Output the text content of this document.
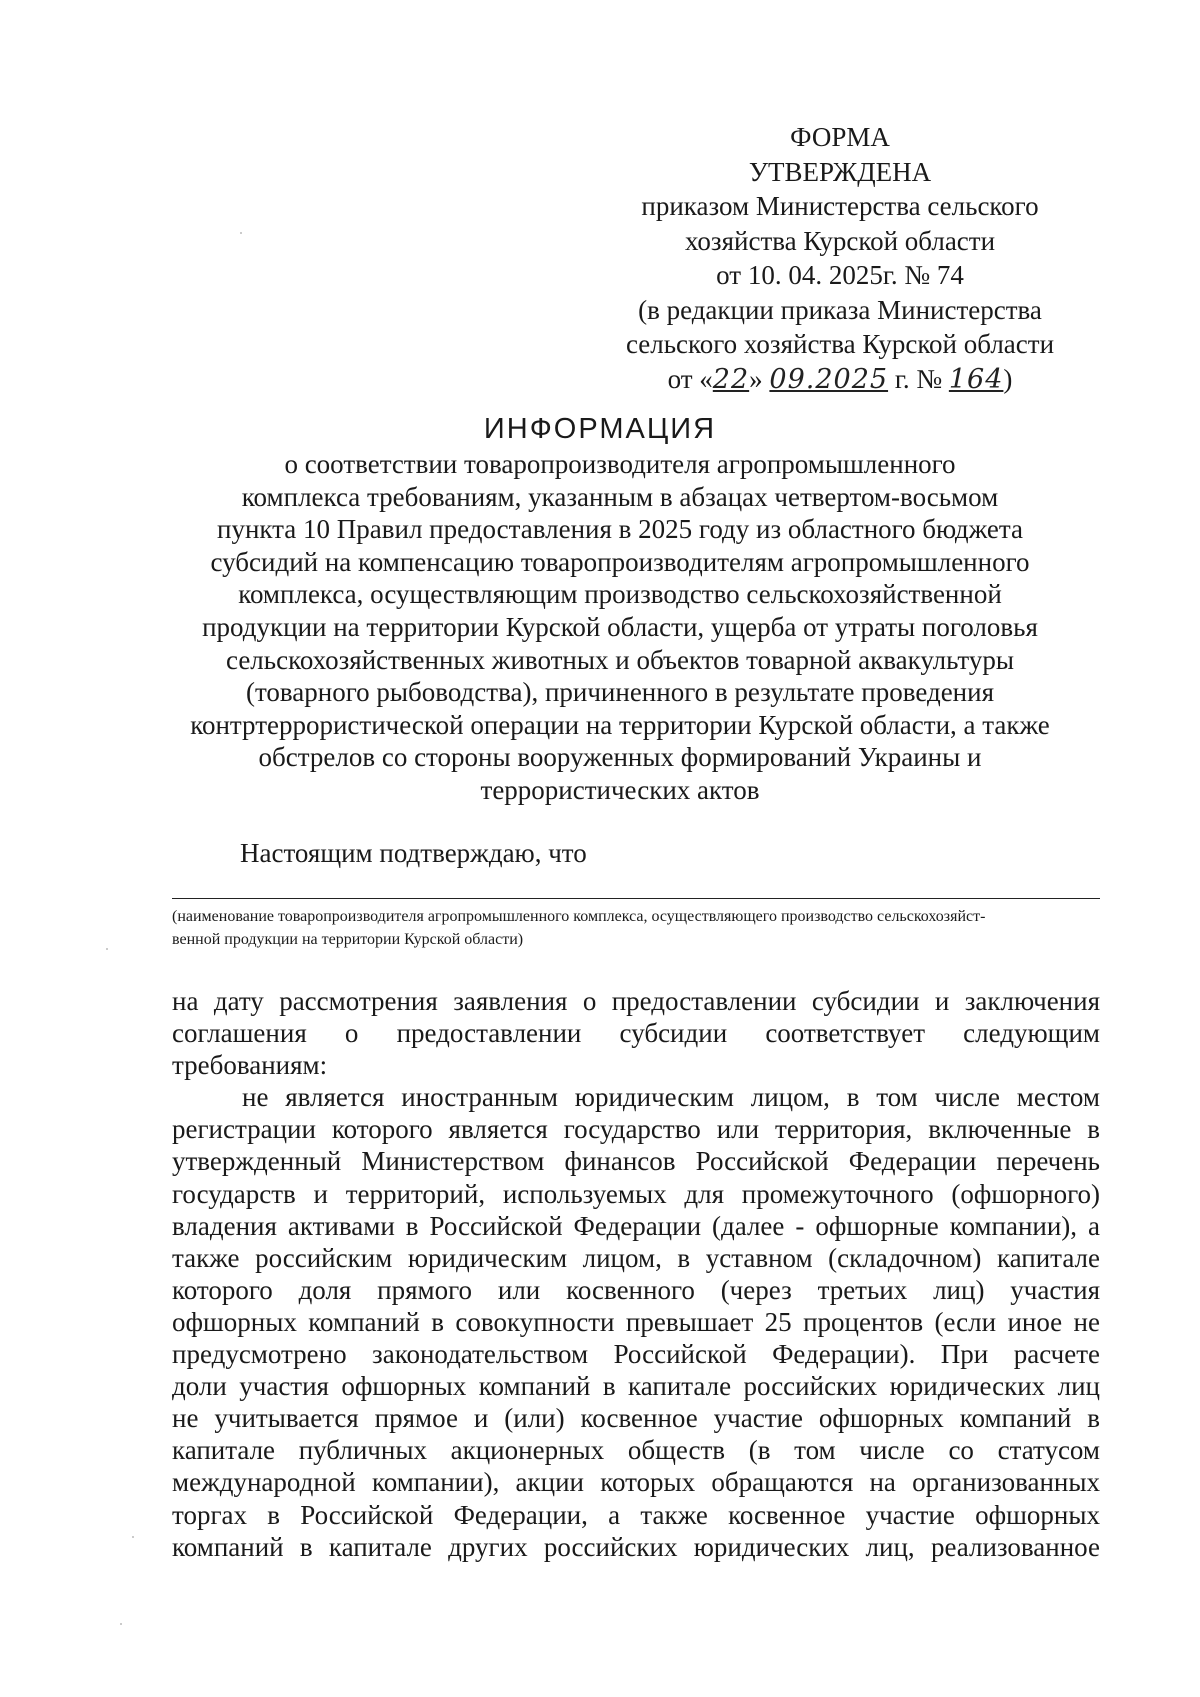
ФОРМА
УТВЕРЖДЕНА
приказом Министерства сельского
хозяйства Курской области
от 10. 04. 2025г. № 74
(в редакции приказа Министерства
сельского хозяйства Курской области
от «22» 09.2025 г. № 164)
ИНФОРМАЦИЯ
о соответствии товаропроизводителя агропромышленного
комплекса требованиям, указанным в абзацах четвертом-восьмом
пункта 10 Правил предоставления в 2025 году из областного бюджета
субсидий на компенсацию товаропроизводителям агропромышленного
комплекса, осуществляющим производство сельскохозяйственной
продукции на территории Курской области, ущерба от утраты поголовья
сельскохозяйственных животных и объектов товарной аквакультуры
(товарного рыбоводства), причиненного в результате проведения
контртеррористической операции на территории Курской области, а также
обстрелов со стороны вооруженных формирований Украины и
террористических актов
Настоящим подтверждаю, что
(наименование товаропроизводителя агропромышленного комплекса, осуществляющего производство сельскохозяйст-
венной продукции на территории Курской области)
на дату рассмотрения заявления о предоставлении субсидии и заключения
соглашения о предоставлении субсидии соответствует следующим
требованиям:
не является иностранным юридическим лицом, в том числе местом
регистрации которого является государство или территория, включенные в
утвержденный Министерством финансов Российской Федерации перечень
государств и территорий, используемых для промежуточного (офшорного)
владения активами в Российской Федерации (далее - офшорные компании), а
также российским юридическим лицом, в уставном (складочном) капитале
которого доля прямого или косвенного (через третьих лиц) участия
офшорных компаний в совокупности превышает 25 процентов (если иное не
предусмотрено законодательством Российской Федерации). При расчете
доли участия офшорных компаний в капитале российских юридических лиц
не учитывается прямое и (или) косвенное участие офшорных компаний в
капитале публичных акционерных обществ (в том числе со статусом
международной компании), акции которых обращаются на организованных
торгах в Российской Федерации, а также косвенное участие офшорных
компаний в капитале других российских юридических лиц, реализованное
